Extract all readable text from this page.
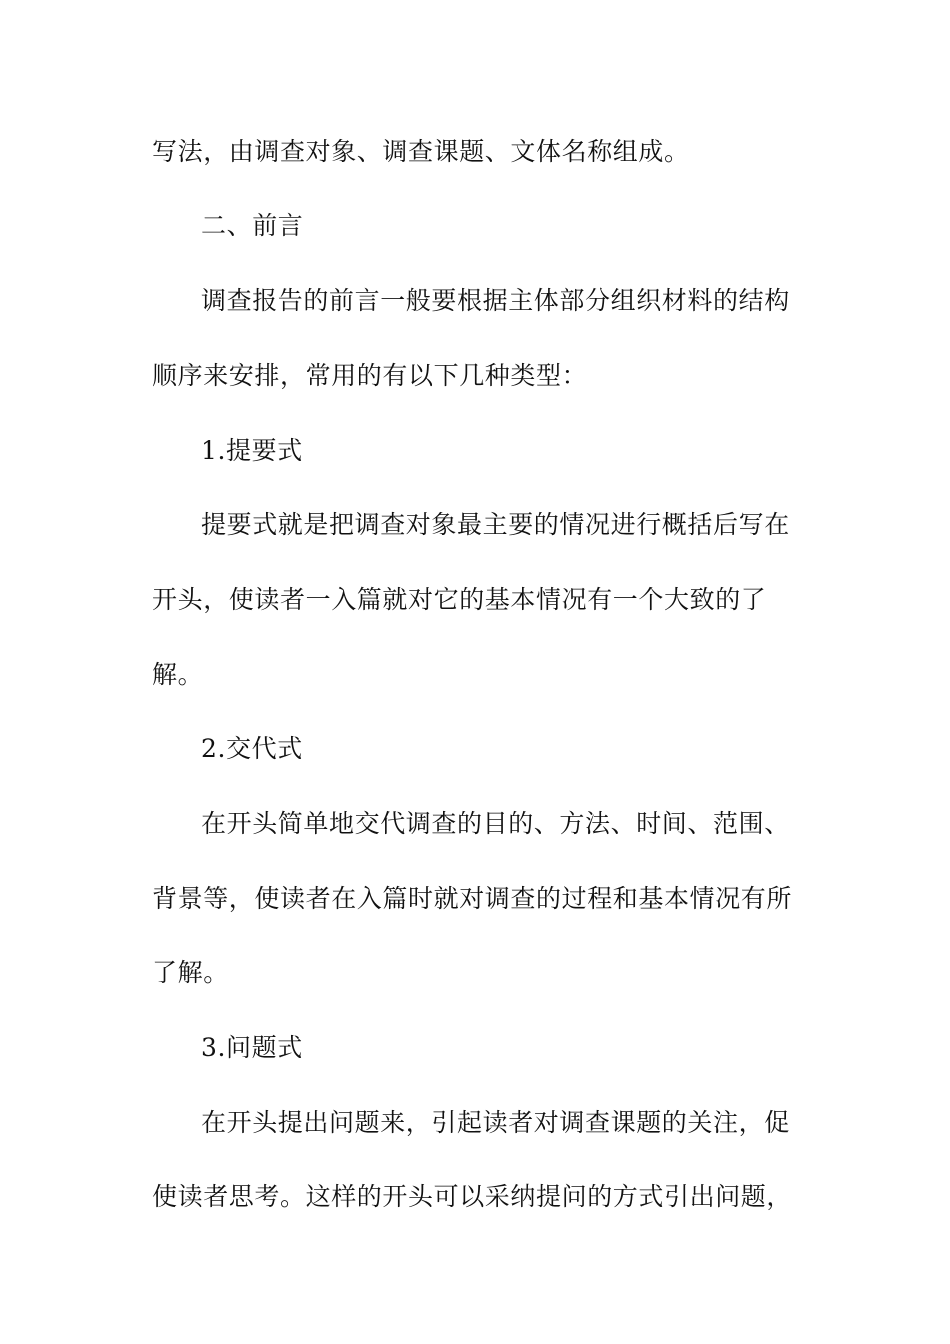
写法，由调查对象、调查课题、文体名称组成。
二、前言
调查报告的前言一般要根据主体部分组织材料的结构
顺序来安排，常用的有以下几种类型：
1.提要式
提要式就是把调查对象最主要的情况进行概括后写在
开头，使读者一入篇就对它的基本情况有一个大致的了
解。
2.交代式
在开头简单地交代调查的目的、方法、时间、范围、
背景等，使读者在入篇时就对调查的过程和基本情况有所
了解。
3.问题式
在开头提出问题来，引起读者对调查课题的关注，促
使读者思考。这样的开头可以采纳提问的方式引出问题，
